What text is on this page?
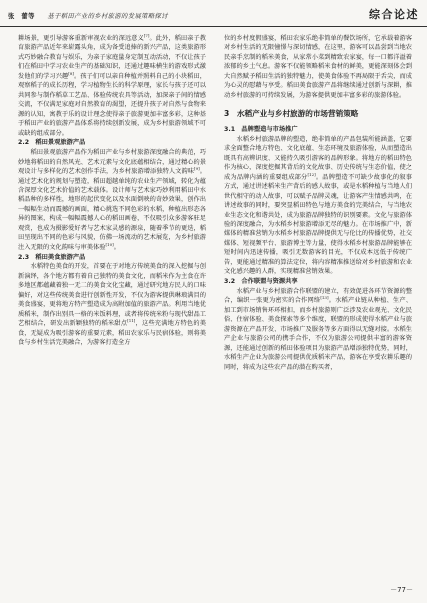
张　蕾等 基于稻田产业的乡村旅游的发展策略探讨	综合论述

耕场景，更引导游客重新审视农业的深远意义[7]。此外，稻田亲子教育旅游产品近年来崭露头角，成为备受追捧的新兴产品，这类旅游形式巧妙融合教育与娱乐，为亲子家庭量身定制互动活动，不仅让孩子们在稻田中学习农业生产的基础知识，还通过趣味横生的游戏形式激发他们的学习兴趣[8]。孩子们可以亲自种植并照料自己的小块稻田，观察稻子的成长历程，学习植物生长的科学原理，家长与孩子还可以共同参与制作稻草工艺品、体验传统农具等活动，加深亲子间的情感交流，不仅满足家庭对自然教育的渴望，还提升孩子对自然与食物来源的认知，寓教于乐的设计理念使得亲子旅游更加丰富多彩，这种基于稻田产业的旅游产品体系将持续创新发展，成为乡村旅游领域不可或缺的组成部分。

2.2　稻田景观旅游产品

稻田景观旅游产品作为稻田产业与乡村旅游深度融合的典范，巧妙地将稻田的自然风光、艺术元素与文化底蕴相结合，通过精心的景观设计与多样化的艺术创作手法，为乡村旅游增添独特人文韵味[9]。通过艺术化的规划与塑造，稻田超越单纯的农业生产领域，转化为蕴含深厚文化艺术价值的艺术载体。设计师与艺术家巧妙利用稻田中水稻品种的多样性，地形的起伏变化以及水面倒映的奇妙效果，创作出一幅幅生动而震撼的画面，精心挑选不同色彩的水稻，种植出形态各异的图案，构成一幅幅震撼人心的稻田画卷，不仅吸引众多游客驻足观赏，也成为摄影爱好者与艺术家灵感的源泉，随着季节的更迭，稻田呈现出不同的色彩与风貌，仿佛一场流动的艺术展览，为乡村旅游注入无限的文化韵味与审美体验[10]。

2.3　稻田美食旅游产品

水稻特色美食的开发，首要在于对地方传统美食的深入挖掘与创新演绎，各个地方都有着自己独特的美食文化，而稻米作为主食在许多地区都蕴藏着独一无二的美食文化宝藏，通过研究地方民人的口味偏好，对这些传统美食进行创新性开发，不仅为游客提供琳琅满目的美食盛宴，更将地方特产塑造成为高附加值的旅游产品。利用当地优质稻米，制作出别具一格的米饭料理，或者将传统米粉与现代甜品工艺相结合，研发出新颖独特的稻米甜点[11]，这些充满地方特色的美食，无疑成为吸引游客的重要元素，稻田农家乐与民宿体验，则将美食与乡村生活完美融合，为游客打造全方

位的乡村度假盛宴，稻田农家乐绝非简单的餐饮场所，它承载着游客对乡村生活的无限憧憬与深切情感，在这里，游客可以品尝到当地农民亲手烹制的稻米美食，从家常小菜到精致农家宴，每一口都洋溢着浓郁的乡土气息。游客不仅能领略稻米食材的鲜美，更能深刻体会到大自然赋予稻田生活的独特魅力，使美食体验不再局限于舌尖，而成为心灵的慰藉与享受。稻田美食旅游产品将继续通过创新与深耕，推动乡村旅游的可持续发展，为游客提供更加丰富多彩的旅游体验。

3　水稻产业与乡村旅游的市场营销策略
3.1　品牌塑造与市场推广

水稻乡村旅游品牌的塑造，绝非简单的产品包装所能涵盖，它要求全面整合地方特色、文化底蕴、生态环境及旅游体验，从而塑造出既具有高辨识度、又能持久吸引游客的品牌形象。将地方的稻田特色作为核心，深度挖掘其背后的文化故事、历史传统与生态价值，使之成为品牌内涵的重要组成部分[12]。品牌塑造不可缺少故事化的叙事方式，通过讲述稻米生产背后的感人故事，或是水稻种植与当地人们世代相守的动人故事，可以赋予品牌灵魂，让游客产生情感共鸣，在讲述故事的同时，要突显稻田特色与地方美食的完美结合，与当地农业生态文化和谐共处，成为旅游品牌独特的识别要素。文化与旅游体验的深度融合，为水稻乡村旅游增添无尽的魅力。在市场推广中，新媒体的精准营销为水稻乡村旅游品牌提供无与伦比的传播优势，社交媒体、短视频平台、旅游博主等力量，使得水稻乡村旅游品牌能够在短时间内迅速传播，吸引无数游客的目光，不仅成本远低于传统广告，更能通过精准的算法定位，将内容精准推送给对乡村旅游和农业文化感兴趣的人群，实现精准营销效果。

3.2　合作联盟与资源共享

水稻产业与乡村旅游合作联盟的建立，有效促进各环节资源的整合，编织一张更为密实的合作网络[13]。水稻产业链从种植、生产、加工到市场销售环环相扣，而乡村旅游则广泛涉及农业观光、文化民俗、住宿体验、美食探索等多个维度，联盟的形成使得水稻产业与旅游资源在产品开发、市场推广及服务等多方面得以无缝对接。水稻生产企业与旅游公司的携手合作，不仅为旅游公司提供丰富的游客资源，还能通过创新的稻田体验项目为旅游产品增添独特优势，同时，水稻生产企业为旅游公司提供优质稻米产品，游客在享受农耕乐趣的同时，将成为这些农产品的潜在购买者，

－77－
